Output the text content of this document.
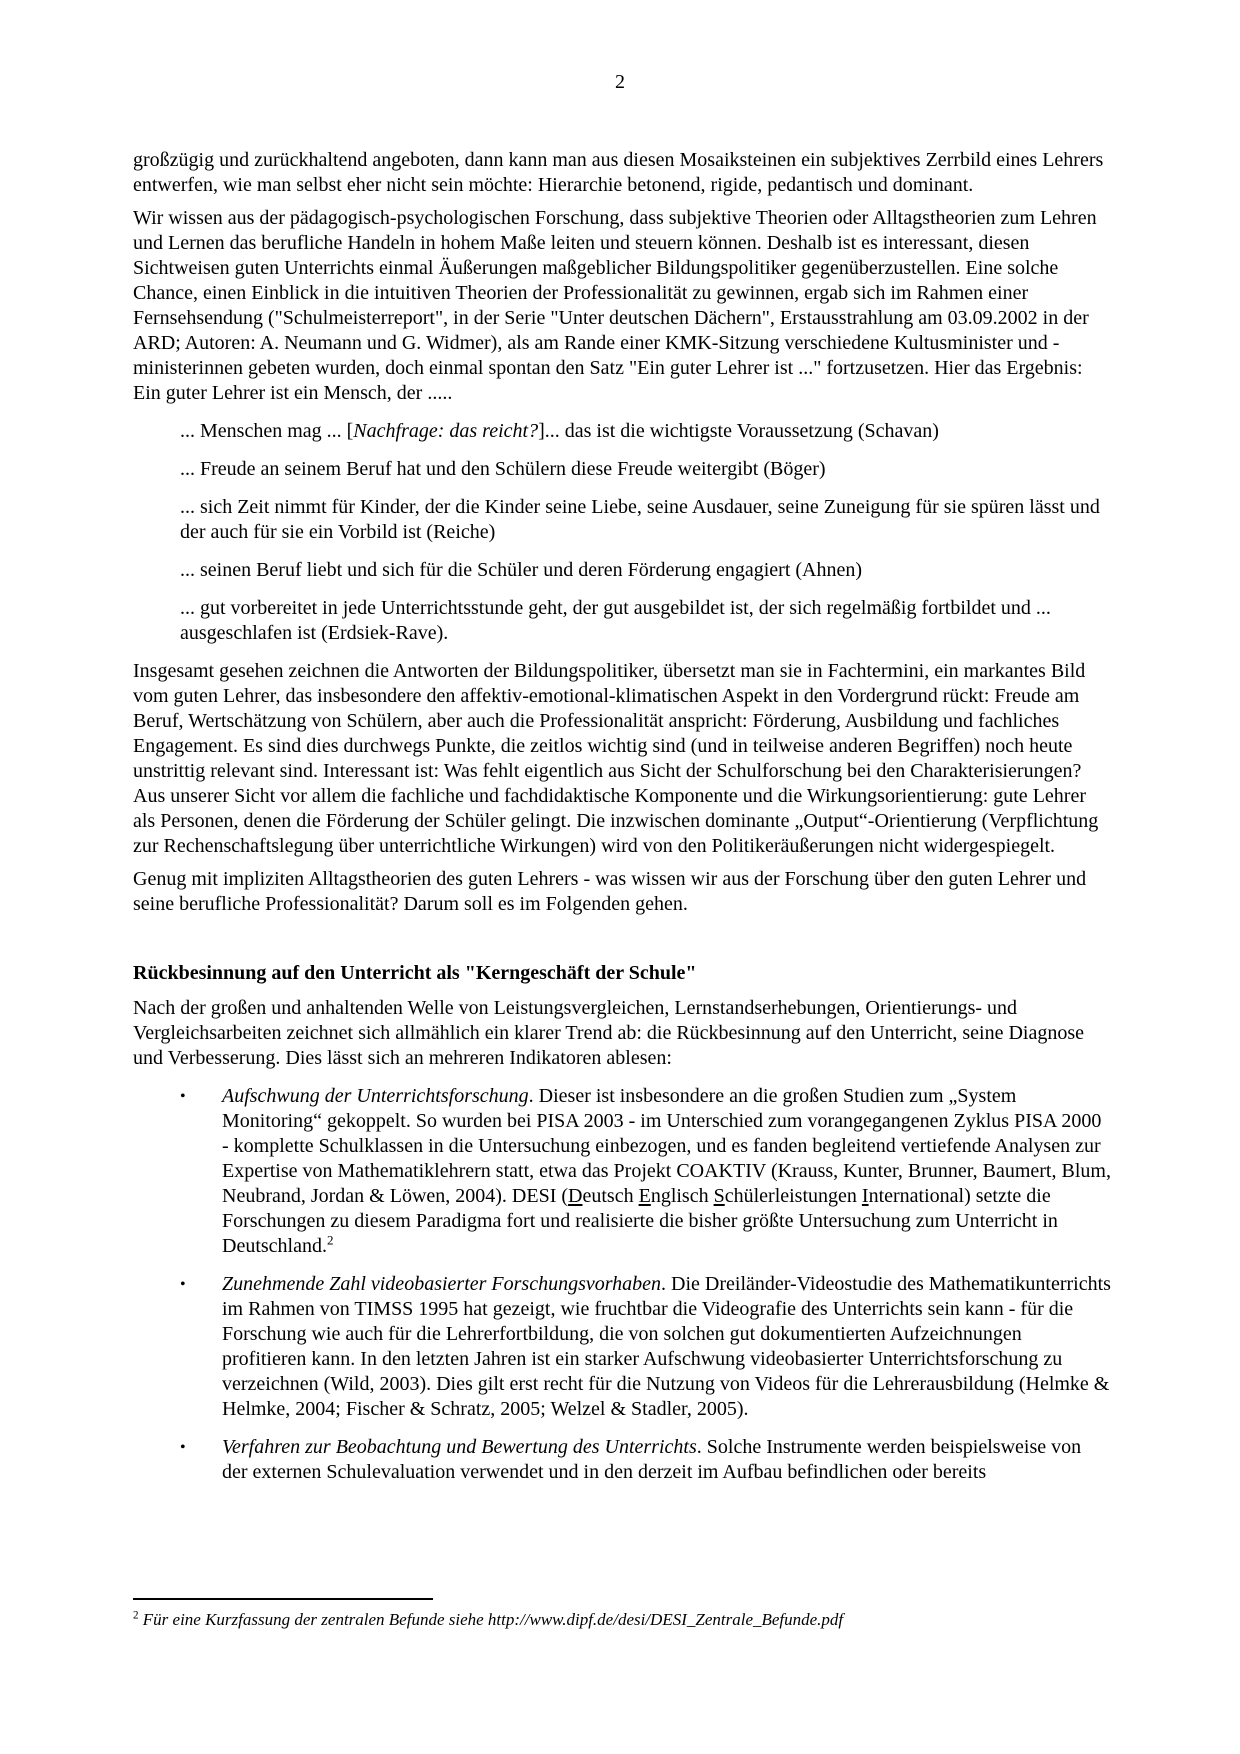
2

großzügig und zurückhaltend angeboten, dann kann man aus diesen Mosaiksteinen ein subjektives Zerrbild eines Lehrers entwerfen, wie man selbst eher nicht sein möchte: Hierarchie betonend, rigide, pedantisch und dominant.

Wir wissen aus der pädagogisch-psychologischen Forschung, dass subjektive Theorien oder Alltagstheorien zum Lehren und Lernen das berufliche Handeln in hohem Maße leiten und steuern können. Deshalb ist es interessant, diesen Sichtweisen guten Unterrichts einmal Äußerungen maßgeblicher Bildungspolitiker gegenüberzustellen. Eine solche Chance, einen Einblick in die intuitiven Theorien der Professionalität zu gewinnen, ergab sich im Rahmen einer Fernsehsendung ("Schulmeisterreport", in der Serie "Unter deutschen Dächern", Erstausstrahlung am 03.09.2002 in der ARD; Autoren: A. Neumann und G. Widmer), als am Rande einer KMK-Sitzung verschiedene Kultusminister und -ministerinnen gebeten wurden, doch einmal spontan den Satz "Ein guter Lehrer ist ..." fortzusetzen. Hier das Ergebnis: Ein guter Lehrer ist ein Mensch, der .....

... Menschen mag ... [Nachfrage: das reicht?]... das ist die wichtigste Voraussetzung (Schavan)

... Freude an seinem Beruf hat und den Schülern diese Freude weitergibt (Böger)

... sich Zeit nimmt für Kinder, der die Kinder seine Liebe, seine Ausdauer, seine Zuneigung für sie spüren lässt und der auch für sie ein Vorbild ist (Reiche)

... seinen Beruf liebt und sich für die Schüler und deren Förderung engagiert (Ahnen)

... gut vorbereitet in jede Unterrichtsstunde geht, der gut ausgebildet ist, der sich regelmäßig fortbildet und ... ausgeschlafen ist (Erdsiek-Rave).

Insgesamt gesehen zeichnen die Antworten der Bildungspolitiker, übersetzt man sie in Fachtermini, ein markantes Bild vom guten Lehrer, das insbesondere den affektiv-emotional-klimatischen Aspekt in den Vordergrund rückt: Freude am Beruf, Wertschätzung von Schülern, aber auch die Professionalität anspricht: Förderung, Ausbildung und fachliches Engagement. Es sind dies durchwegs Punkte, die zeitlos wichtig sind (und in teilweise anderen Begriffen) noch heute unstrittig relevant sind. Interessant ist: Was fehlt eigentlich aus Sicht der Schulforschung bei den Charakterisierungen? Aus unserer Sicht vor allem die fachliche und fachdidaktische Komponente und die Wirkungsorientierung: gute Lehrer als Personen, denen die Förderung der Schüler gelingt. Die inzwischen dominante „Output“-Orientierung (Verpflichtung zur Rechenschaftslegung über unterrichtliche Wirkungen) wird von den Politikeräußerungen nicht widergespiegelt.

Genug mit impliziten Alltagstheorien des guten Lehrers - was wissen wir aus der Forschung über den guten Lehrer und seine berufliche Professionalität? Darum soll es im Folgenden gehen.

Rückbesinnung auf den Unterricht als "Kerngeschäft der Schule"

Nach der großen und anhaltenden Welle von Leistungsvergleichen, Lernstandserhebungen, Orientierungs- und Vergleichsarbeiten zeichnet sich allmählich ein klarer Trend ab: die Rückbesinnung auf den Unterricht, seine Diagnose und Verbesserung. Dies lässt sich an mehreren Indikatoren ablesen:

• Aufschwung der Unterrichtsforschung. Dieser ist insbesondere an die großen Studien zum „System Monitoring“ gekoppelt. So wurden bei PISA 2003 - im Unterschied zum vorangegangenen Zyklus PISA 2000 - komplette Schulklassen in die Untersuchung einbezogen, und es fanden begleitend vertiefende Analysen zur Expertise von Mathematiklehrern statt, etwa das Projekt COAKTIV (Krauss, Kunter, Brunner, Baumert, Blum, Neubrand, Jordan & Löwen, 2004). DESI (Deutsch Englisch Schülerleistungen International) setzte die Forschungen zu diesem Paradigma fort und realisierte die bisher größte Untersuchung zum Unterricht in Deutschland.$^2$
• Zunehmende Zahl videobasierter Forschungsvorhaben. Die Dreiländer-Videostudie des Mathematikunterrichts im Rahmen von TIMSS 1995 hat gezeigt, wie fruchtbar die Videografie des Unterrichts sein kann - für die Forschung wie auch für die Lehrerfortbildung, die von solchen gut dokumentierten Aufzeichnungen profitieren kann. In den letzten Jahren ist ein starker Aufschwung videobasierter Unterrichtsforschung zu verzeichnen (Wild, 2003). Dies gilt erst recht für die Nutzung von Videos für die Lehrerausbildung (Helmke & Helmke, 2004; Fischer & Schratz, 2005; Welzel & Stadler, 2005).
• Verfahren zur Beobachtung und Bewertung des Unterrichts. Solche Instrumente werden beispielsweise von der externen Schulevaluation verwendet und in den derzeit im Aufbau befindlichen oder bereits
$^2$ Für eine Kurzfassung der zentralen Befunde siehe http://www.dipf.de/desi/DESI_Zentrale_Befunde.pdf
